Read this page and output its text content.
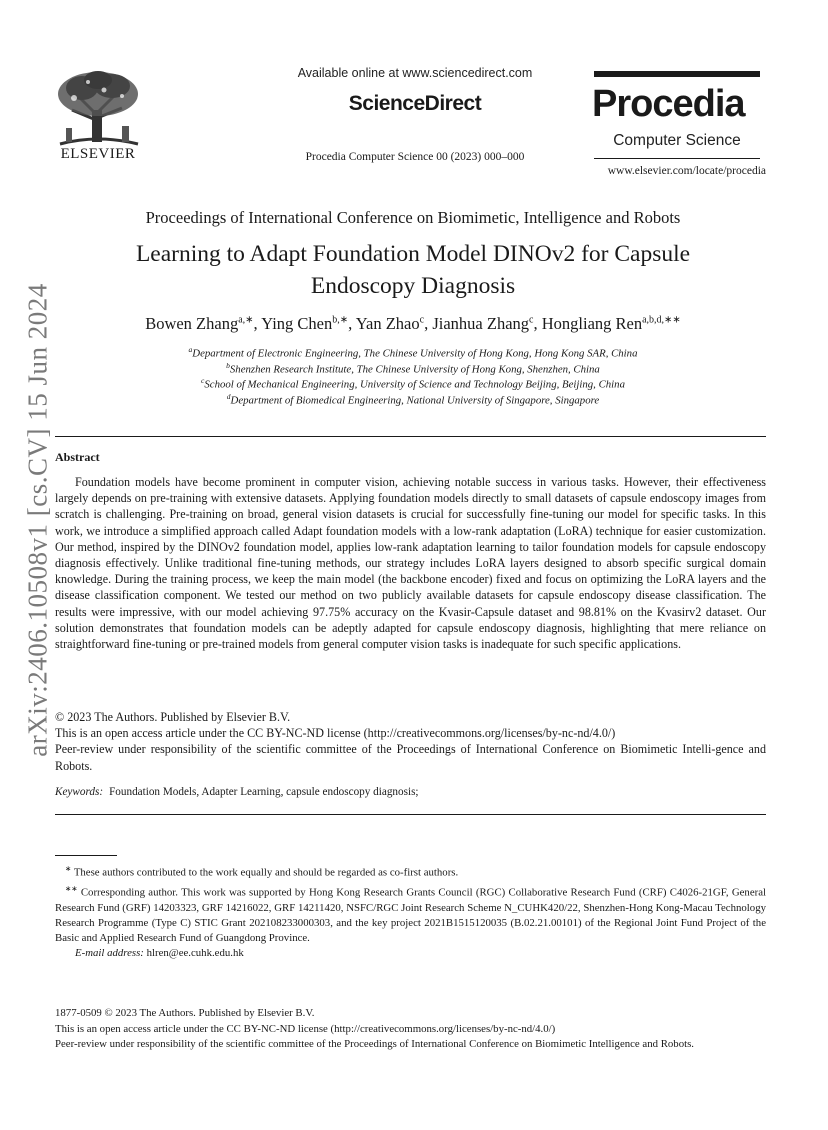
arXiv:2406.10508v1 [cs.CV] 15 Jun 2024
ELSEVIER
Available online at www.sciencedirect.com
ScienceDirect
Procedia Computer Science 00 (2023) 000–000
Procedia
Computer Science
www.elsevier.com/locate/procedia
Proceedings of International Conference on Biomimetic, Intelligence and Robots
Learning to Adapt Foundation Model DINOv2 for Capsule
Endoscopy Diagnosis
Bowen Zhang$^{a,∗}$, Ying Chen$^{b,∗}$, Yan Zhao$^c$, Jianhua Zhang$^c$, Hongliang Ren$^{a,b,d,∗∗}$
$^a$Department of Electronic Engineering, The Chinese University of Hong Kong, Hong Kong SAR, China
$^b$Shenzhen Research Institute, The Chinese University of Hong Kong, Shenzhen, China
$^c$School of Mechanical Engineering, University of Science and Technology Beijing, Beijing, China
$^d$Department of Biomedical Engineering, National University of Singapore, Singapore
Abstract
Foundation models have become prominent in computer vision, achieving notable success in various tasks. However, their effectiveness largely depends on pre-training with extensive datasets. Applying foundation models directly to small datasets of capsule endoscopy images from scratch is challenging. Pre-training on broad, general vision datasets is crucial for successfully fine-tuning our model for specific tasks. In this work, we introduce a simplified approach called Adapt foundation models with a low-rank adaptation (LoRA) technique for easier customization. Our method, inspired by the DINOv2 foundation model, applies low-rank adaptation learning to tailor foundation models for capsule endoscopy diagnosis effectively. Unlike traditional fine-tuning methods, our strategy includes LoRA layers designed to absorb specific surgical domain knowledge. During the training process, we keep the main model (the backbone encoder) fixed and focus on optimizing the LoRA layers and the disease classification component. We tested our method on two publicly available datasets for capsule endoscopy disease classification. The results were impressive, with our model achieving 97.75% accuracy on the Kvasir-Capsule dataset and 98.81% on the Kvasirv2 dataset. Our solution demonstrates that foundation models can be adeptly adapted for capsule endoscopy diagnosis, highlighting that mere reliance on straightforward fine-tuning or pre-trained models from general computer vision tasks is inadequate for such specific applications.
© 2023 The Authors. Published by Elsevier B.V.
This is an open access article under the CC BY-NC-ND license (http://creativecommons.org/licenses/by-nc-nd/4.0/)
Peer-review under responsibility of the scientific committee of the Proceedings of International Conference on Biomimetic Intelli-gence and Robots.
Keywords: Foundation Models, Adapter Learning, capsule endoscopy diagnosis;
∗ These authors contributed to the work equally and should be regarded as co-first authors.
∗∗ Corresponding author. This work was supported by Hong Kong Research Grants Council (RGC) Collaborative Research Fund (CRF) C4026-21GF, General Research Fund (GRF) 14203323, GRF 14216022, GRF 14211420, NSFC/RGC Joint Research Scheme N_CUHK420/22, Shenzhen-Hong Kong-Macau Technology Research Programme (Type C) STIC Grant 202108233000303, and the key project 2021B1515120035 (B.02.21.00101) of the Regional Joint Fund Project of the Basic and Applied Research Fund of Guangdong Province.
E-mail address: hlren@ee.cuhk.edu.hk
1877-0509 © 2023 The Authors. Published by Elsevier B.V.
This is an open access article under the CC BY-NC-ND license (http://creativecommons.org/licenses/by-nc-nd/4.0/)
Peer-review under responsibility of the scientific committee of the Proceedings of International Conference on Biomimetic Intelligence and Robots.
